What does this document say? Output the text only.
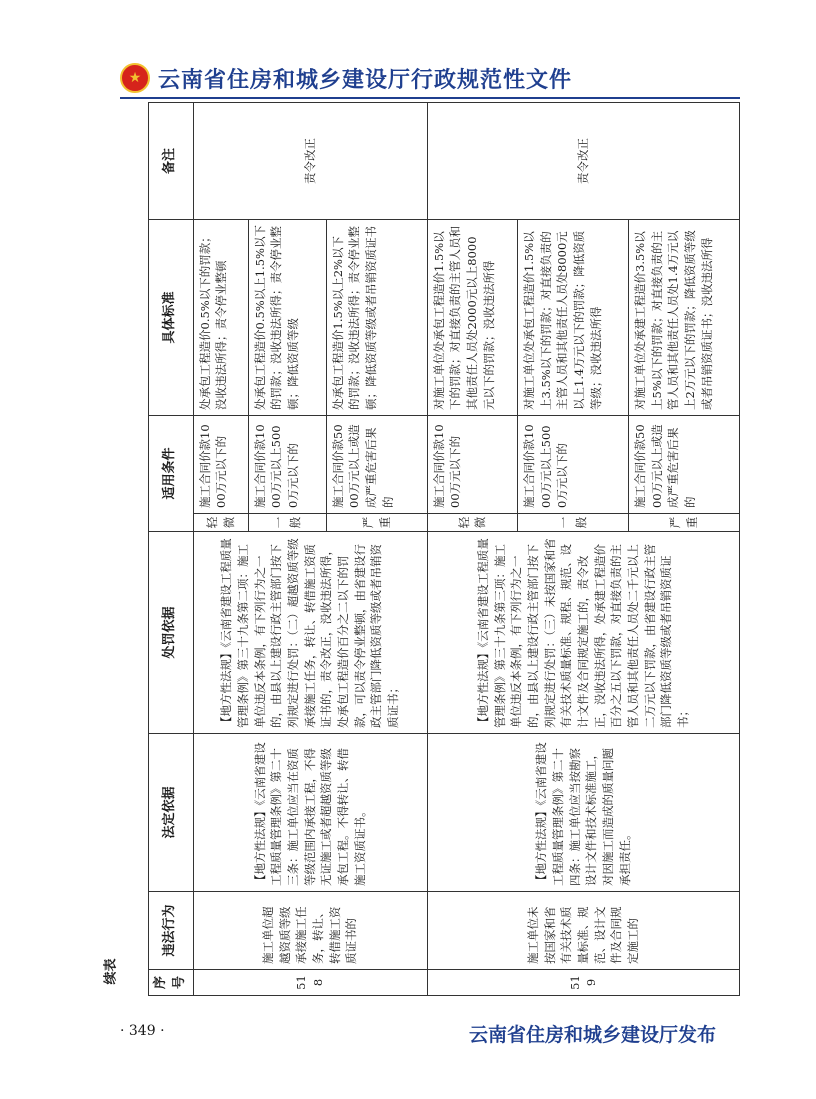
★ 云南省住房和城乡建设厅行政规范性文件
续表	序号	违法行为	法定依据	处罚依据	适用条件		具体标准	备注
518	施工单位超越资质等级承接施工任务，转让、转借施工资质证书的	【地方性法规】《云南省建设工程质量管理条例》第二十三条：施工单位应当在资质等级范围内承接工程，不得无证施工或者超越资质等级承包工程。不得转让、转借施工资质证书。	【地方性法规】《云南省建设工程质量管理条例》第三十九条第二项：施工单位违反本条例，有下列行为之一的，由县以上建设行政主管部门按下列规定进行处罚：（二）超越资质等级承接施工任务，转让、转借施工资质证书的，责令改正，没收违法所得，处承包工程造价百分之二以下的罚款，可以责令停业整顿，由省建设行政主管部门降低资质等级或者吊销资质证书；	轻微	施工合同价款1000万元以下的	处承包工程造价0.5%以下的罚款；没收违法所得；责令停业整顿	责令改正
				一般	施工合同价款1000万元以上5000万元以下的	处承包工程造价0.5%以上1.5%以下的罚款；没收违法所得；责令停业整顿；降低资质等级	
				严重	施工合同价款5000万元以上或造成严重危害后果的	处承包工程造价1.5%以上2%以下的罚款；没收违法所得；责令停业整顿；降低资质等级或者吊销资质证书	
519	施工单位未按国家和省有关技术质量标准、规范、设计文件及合同规定施工的	【地方性法规】《云南省建设工程质量管理条例》第二十四条：施工单位应当按勘察设计文件和技术标准施工，对因施工而造成的质量问题承担责任。	【地方性法规】《云南省建设工程质量管理条例》第三十九条第三项：施工单位违反本条例，有下列行为之一的，由县以上建设行政主管部门按下列规定进行处罚：（三）未按国家和省有关技术质量标准、规程、规范、设计文件及合同规定施工的，责令改正，没收违法所得，处承建工程造价百分之五以下罚款，对直接负责的主管人员和其他责任人员处二千元以上二万元以下罚款，由省建设行政主管部门降低资质等级或者吊销资质证书；	轻微	施工合同价款1000万元以下的	对施工单位处承包工程造价1.5%以下的罚款；对直接负责的主管人员和其他责任人员处2000元以上8000元以下的罚款；没收违法所得	责令改正
				一般	施工合同价款1000万元以上5000万元以下的	对施工单位处承包工程造价1.5%以上3.5%以下的罚款；对直接负责的主管人员和其他责任人员处8000元以上1.4万元以下的罚款；降低资质等级；没收违法所得	
				严重	施工合同价款5000万元以上或造成严重危害后果的	对施工单位处承建工程造价3.5%以上5%以下的罚款；对直接负责的主管人员和其他责任人员处1.4万元以上2万元以下的罚款；降低资质等级或者吊销资质证书；没收违法所得	
· 349 ·	云南省住房和城乡建设厅发布
